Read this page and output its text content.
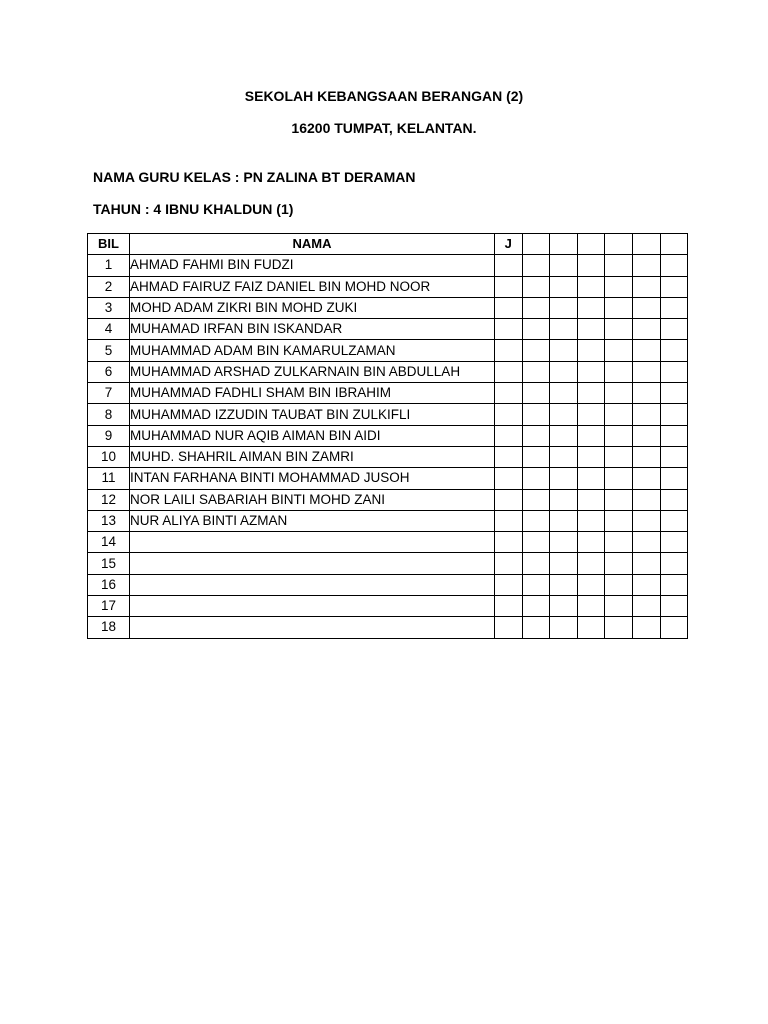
SEKOLAH KEBANGSAAN BERANGAN (2)
16200 TUMPAT, KELANTAN.
NAMA GURU KELAS : PN ZALINA BT DERAMAN
TAHUN : 4 IBNU KHALDUN (1)
BIL	NAMA	J						
1	AHMAD FAHMI BIN FUDZI							
2	AHMAD FAIRUZ FAIZ DANIEL BIN MOHD NOOR							
3	MOHD ADAM ZIKRI BIN MOHD ZUKI							
4	MUHAMAD IRFAN BIN ISKANDAR							
5	MUHAMMAD ADAM BIN KAMARULZAMAN							
6	MUHAMMAD ARSHAD ZULKARNAIN BIN ABDULLAH							
7	MUHAMMAD FADHLI SHAM BIN IBRAHIM							
8	MUHAMMAD IZZUDIN TAUBAT BIN ZULKIFLI							
9	MUHAMMAD NUR AQIB AIMAN BIN AIDI							
10	MUHD. SHAHRIL AIMAN BIN ZAMRI							
11	INTAN FARHANA BINTI MOHAMMAD JUSOH							
12	NOR LAILI SABARIAH BINTI MOHD ZANI							
13	NUR ALIYA BINTI AZMAN							
14								
15								
16								
17								
18								
